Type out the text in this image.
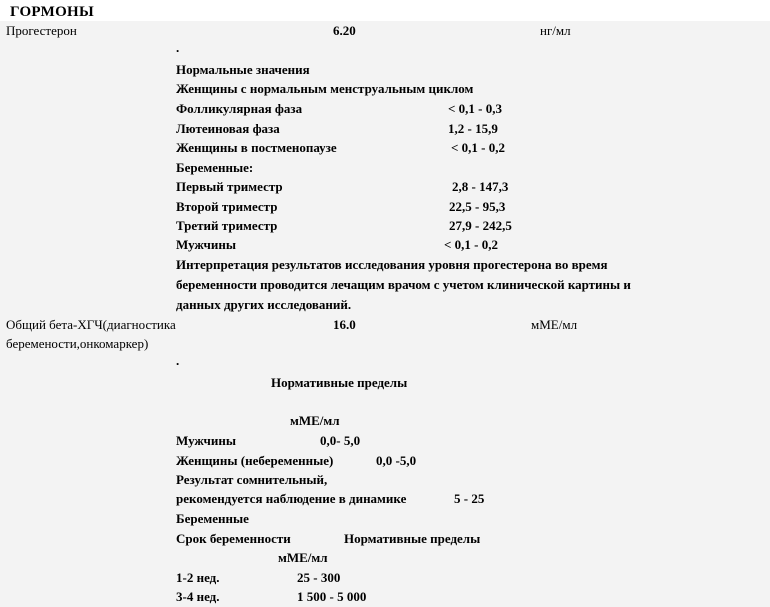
ГОРМОНЫ
Прогестерон	6.20	нг/мл
.
Нормальные значения
Женщины с нормальным менструальным циклом
Фолликулярная фаза	< 0,1 - 0,3
Лютеиновая фаза	1,2 - 15,9
Женщины в постменопаузе	< 0,1 - 0,2
Беременные:
Первый триместр	2,8 - 147,3
Второй триместр	22,5 - 95,3
Третий триместр	27,9 - 242,5
Мужчины	< 0,1 - 0,2
Интерпретация результатов исследования уровня прогестерона во время
беременности проводится лечащим врачом с учетом клинической картины и
данных других исследований.
Общий бета-ХГЧ(диагностика
беремености,онкомаркер)
16.0	мМЕ/мл
.
Нормативные пределы
мМЕ/мл
Мужчины	0,0- 5,0
Женщины (небеременные)	0,0 -5,0
Результат сомнительный,
рекомендуется наблюдение в динамике	5 - 25
Беременные
Срок беременности	Нормативные пределы
мМЕ/мл
1-2 нед.	25 - 300
3-4 нед.	1 500 - 5 000
